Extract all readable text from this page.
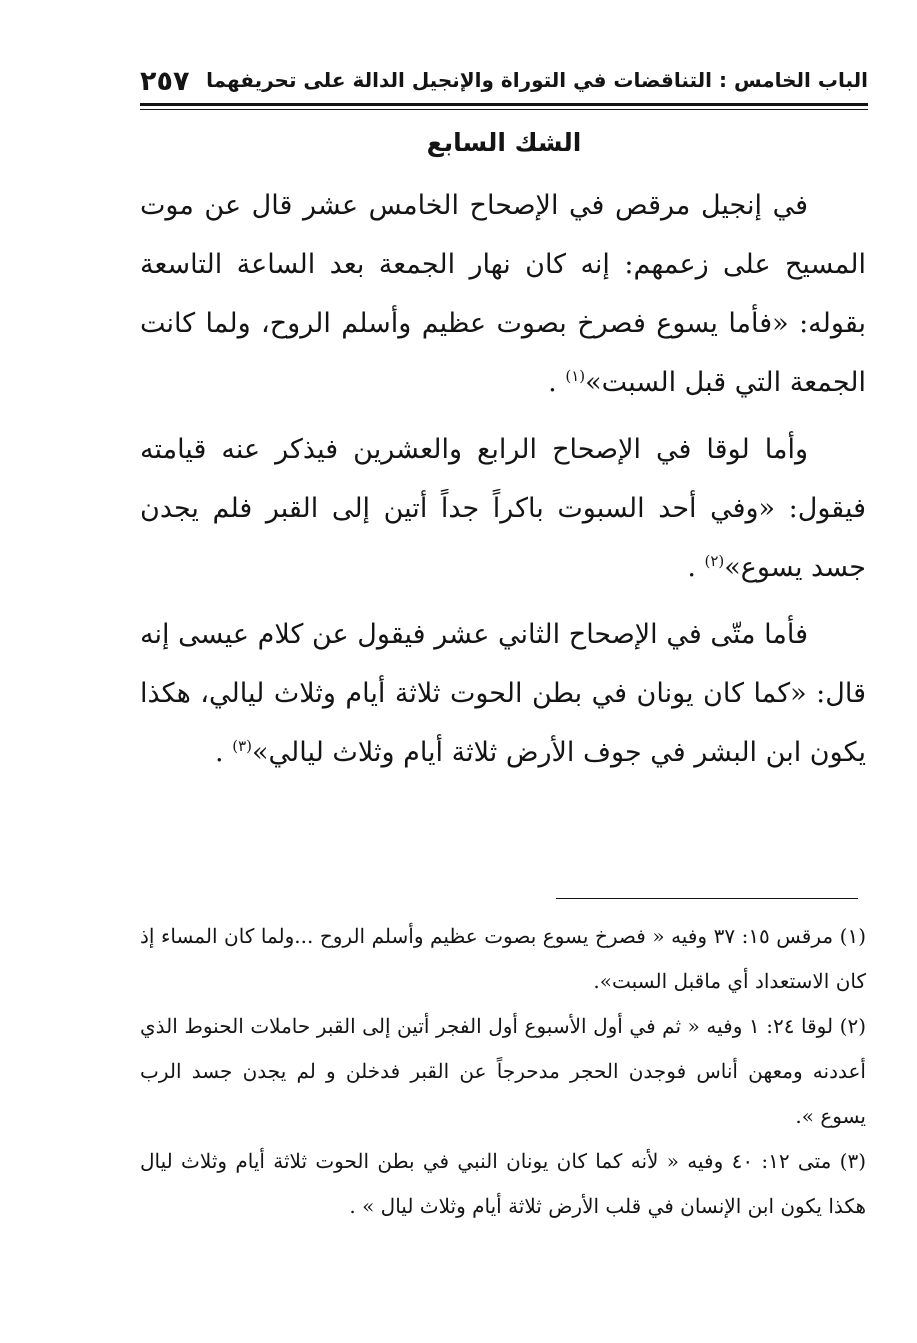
٢٥٧ الباب الخامس : التناقضات في التوراة والإنجيل الدالة على تحريفهما
الشك السابع

في إنجيل مرقص في الإصحاح الخامس عشر قال عن موت المسيح على زعمهم: إنه كان نهار الجمعة بعد الساعة التاسعة بقوله: «فأما يسوع فصرخ بصوت عظيم وأسلم الروح، ولما كانت الجمعة التي قبل السبت»$^{(١)}$ .

وأما لوقا في الإصحاح الرابع والعشرين فيذكر عنه قيامته فيقول: «وفي أحد السبوت باكراً جداً أتين إلى القبر فلم يجدن جسد يسوع»$^{(٢)}$ .

فأما متّى في الإصحاح الثاني عشر فيقول عن كلام عيسى إنه قال: «كما كان يونان في بطن الحوت ثلاثة أيام وثلاث ليالي، هكذا يكون ابن البشر في جوف الأرض ثلاثة أيام وثلاث ليالي»$^{(٣)}$ .

(١) مرقس ١٥: ٣٧ وفيه « فصرخ يسوع بصوت عظيم وأسلم الروح ...ولما كان المساء إذ كان الاستعداد أي ماقبل السبت».

(٢) لوقا ٢٤: ١ وفيه « ثم في أول الأسبوع أول الفجر أتين إلى القبر حاملات الحنوط الذي أعددنه ومعهن أناس فوجدن الحجر مدحرجاً عن القبر فدخلن و لم يجدن جسد الرب يسوع ».

(٣) متى ١٢: ٤٠ وفيه « لأنه كما كان يونان النبي في بطن الحوت ثلاثة أيام وثلاث ليال هكذا يكون ابن الإنسان في قلب الأرض ثلاثة أيام وثلاث ليال » .
